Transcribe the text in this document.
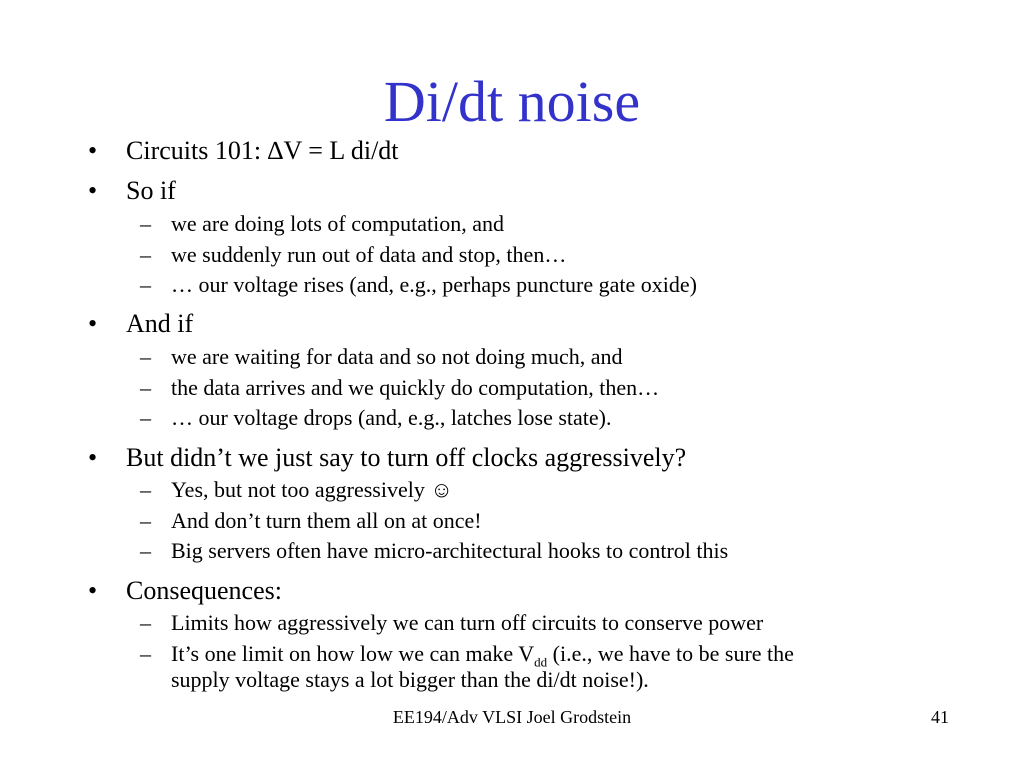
Di/dt noise
• Circuits 101: ∆V = L di/dt
• So if
– we are doing lots of computation, and
– we suddenly run out of data and stop, then…
– … our voltage rises (and, e.g., perhaps puncture gate oxide)
• And if
– we are waiting for data and so not doing much, and
– the data arrives and we quickly do computation, then…
– … our voltage drops (and, e.g., latches lose state).
• But didn’t we just say to turn off clocks aggressively?
– Yes, but not too aggressively ☺
– And don’t turn them all on at once!
– Big servers often have micro-architectural hooks to control this
• Consequences:
– Limits how aggressively we can turn off circuits to conserve power
– It’s one limit on how low we can make $V_{dd}$ (i.e., we have to be sure the
supply voltage stays a lot bigger than the di/dt noise!).
EE194/Adv VLSI Joel Grodstein	41
